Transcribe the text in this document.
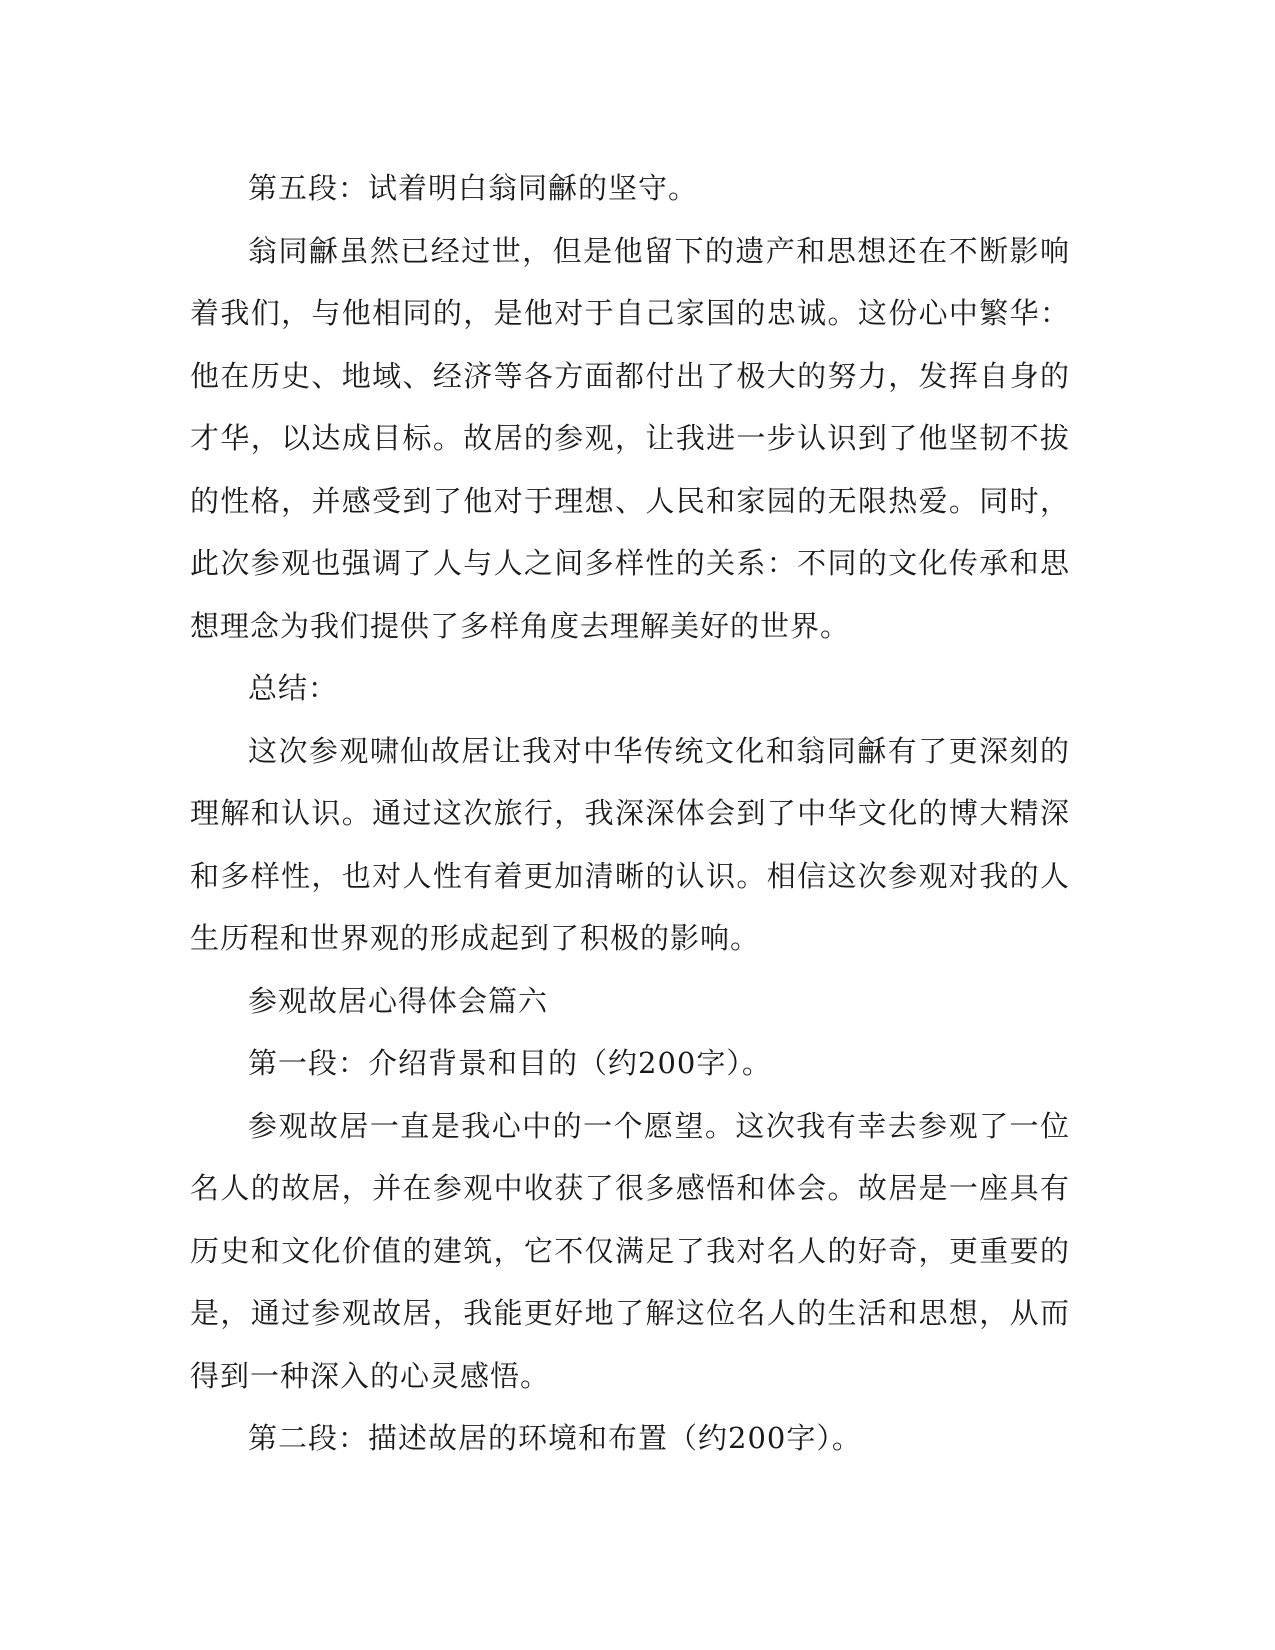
第五段：试着明白翁同龢的坚守。

翁同龢虽然已经过世，但是他留下的遗产和思想还在不断影响着我们，与他相同的，是他对于自己家国的忠诚。这份心中繁华：他在历史、地域、经济等各方面都付出了极大的努力，发挥自身的才华，以达成目标。故居的参观，让我进一步认识到了他坚韧不拔的性格，并感受到了他对于理想、人民和家园的无限热爱。同时，此次参观也强调了人与人之间多样性的关系：不同的文化传承和思想理念为我们提供了多样角度去理解美好的世界。

总结：

这次参观啸仙故居让我对中华传统文化和翁同龢有了更深刻的理解和认识。通过这次旅行，我深深体会到了中华文化的博大精深和多样性，也对人性有着更加清晰的认识。相信这次参观对我的人生历程和世界观的形成起到了积极的影响。

参观故居心得体会篇六

第一段：介绍背景和目的（约200字）。

参观故居一直是我心中的一个愿望。这次我有幸去参观了一位名人的故居，并在参观中收获了很多感悟和体会。故居是一座具有历史和文化价值的建筑，它不仅满足了我对名人的好奇，更重要的是，通过参观故居，我能更好地了解这位名人的生活和思想，从而得到一种深入的心灵感悟。

第二段：描述故居的环境和布置（约200字）。
